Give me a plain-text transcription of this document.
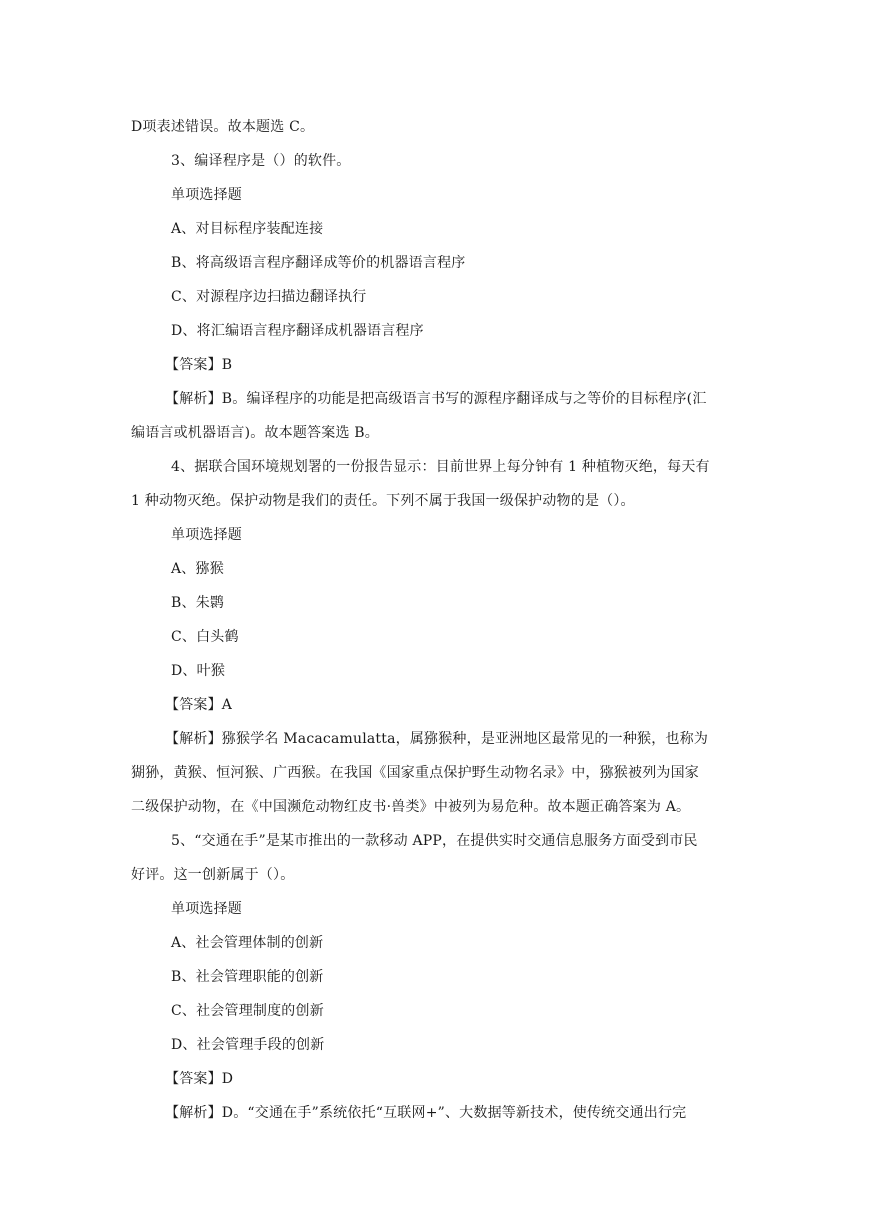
D项表述错误。故本题选 C。
3、编译程序是（）的软件。
单项选择题
A、对目标程序装配连接
B、将高级语言程序翻译成等价的机器语言程序
C、对源程序边扫描边翻译执行
D、将汇编语言程序翻译成机器语言程序
【答案】B
【解析】B。编译程序的功能是把高级语言书写的源程序翻译成与之等价的目标程序(汇
编语言或机器语言)。故本题答案选 B。
4、据联合国环境规划署的一份报告显示：目前世界上每分钟有 1 种植物灭绝，每天有
1 种动物灭绝。保护动物是我们的责任。下列不属于我国一级保护动物的是（）。
单项选择题
A、猕猴
B、朱鹮
C、白头鹤
D、叶猴
【答案】A
【解析】猕猴学名 Macacamulatta，属猕猴种，是亚洲地区最常见的一种猴，也称为
猢狲，黄猴、恒河猴、广西猴。在我国《国家重点保护野生动物名录》中，猕猴被列为国家
二级保护动物，在《中国濒危动物红皮书·兽类》中被列为易危种。故本题正确答案为 A。
5、“交通在手”是某市推出的一款移动 APP，在提供实时交通信息服务方面受到市民
好评。这一创新属于（）。
单项选择题
A、社会管理体制的创新
B、社会管理职能的创新
C、社会管理制度的创新
D、社会管理手段的创新
【答案】D
【解析】D。“交通在手”系统依托“互联网+”、大数据等新技术，使传统交通出行完
